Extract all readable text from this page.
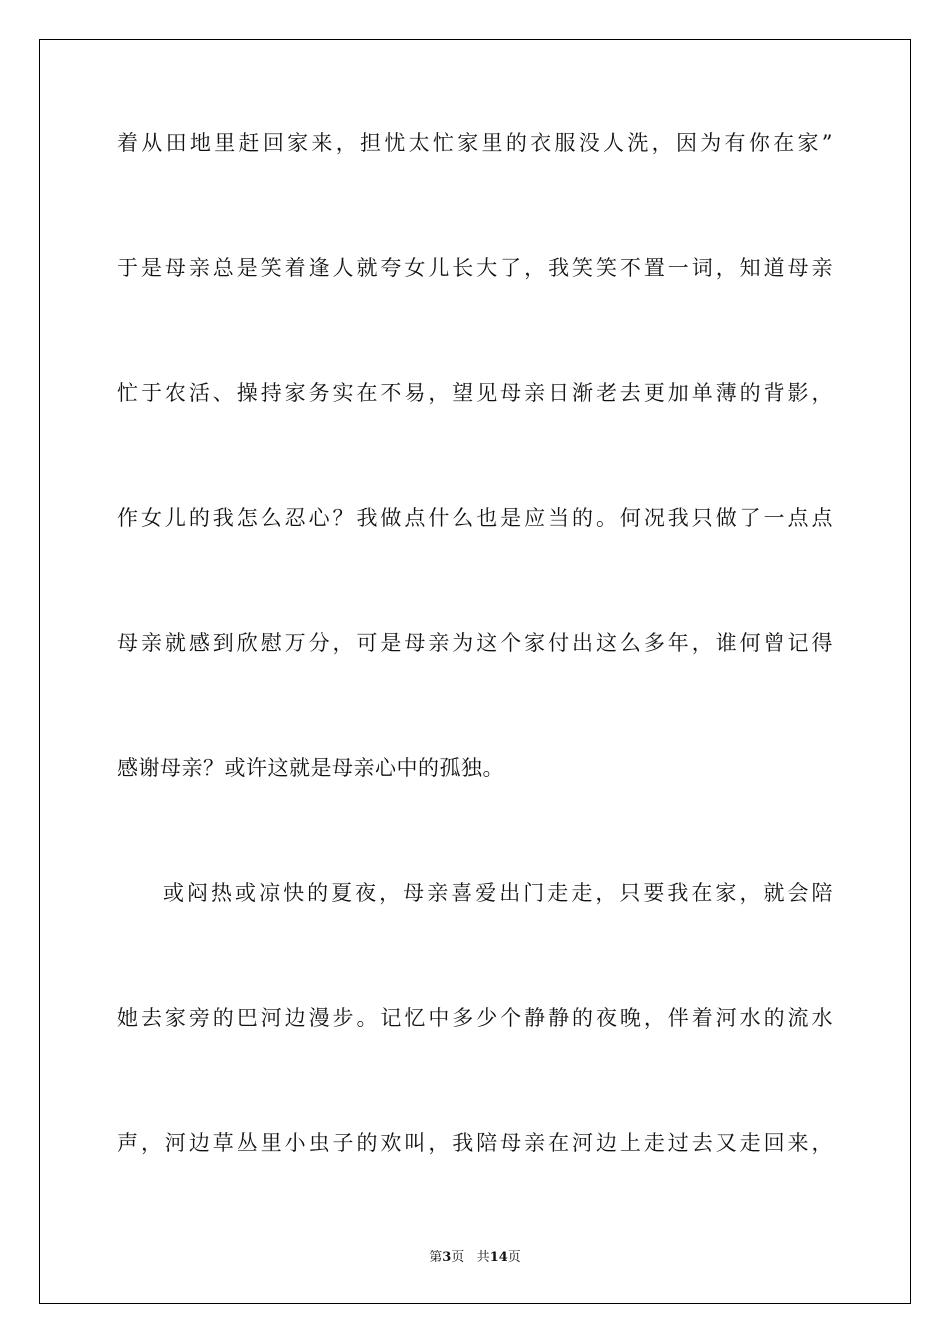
着从田地里赶回家来，担忧太忙家里的衣服没人洗，因为有你在家”
于是母亲总是笑着逢人就夸女儿长大了，我笑笑不置一词，知道母亲
忙于农活、操持家务实在不易，望见母亲日渐老去更加单薄的背影，
作女儿的我怎么忍心？我做点什么也是应当的。何况我只做了一点点
母亲就感到欣慰万分，可是母亲为这个家付出这么多年，谁何曾记得
感谢母亲？或许这就是母亲心中的孤独。
或闷热或凉快的夏夜，母亲喜爱出门走走，只要我在家，就会陪
她去家旁的巴河边漫步。记忆中多少个静静的夜晚，伴着河水的流水
声，河边草丛里小虫子的欢叫，我陪母亲在河边上走过去又走回来，
第3页 共14页
